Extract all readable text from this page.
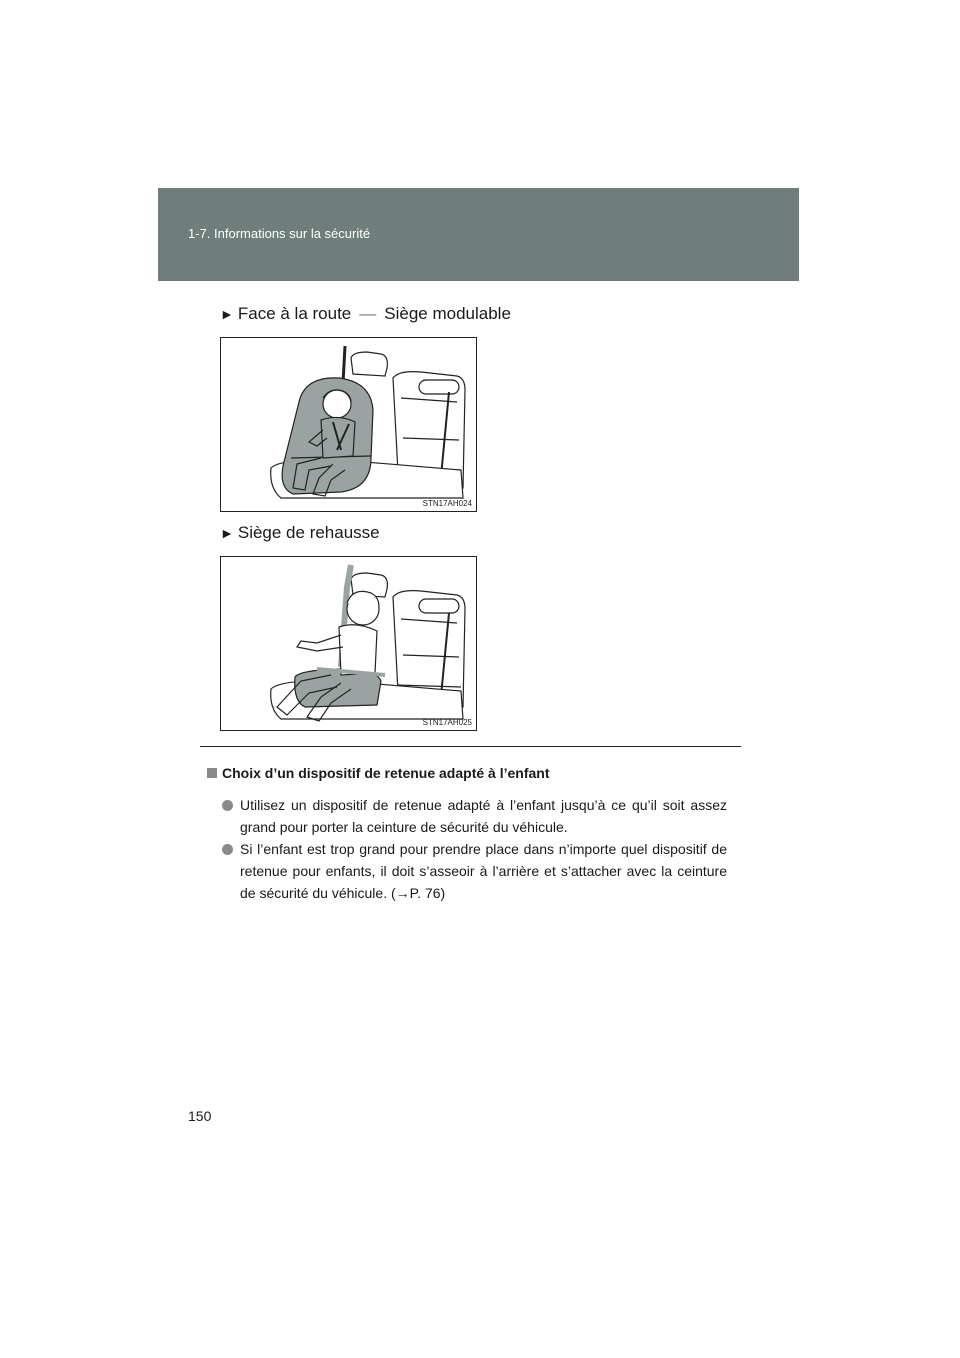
1-7. Informations sur la sécurité
► Face à la route — Siège modulable
STN17AH024
► Siège de rehausse
STN17AH025
Choix d’un dispositif de retenue adapté à l’enfant
Utilisez un dispositif de retenue adapté à l’enfant jusqu’à ce qu’il soit assez grand pour porter la ceinture de sécurité du véhicule.
Si l’enfant est trop grand pour prendre place dans n’importe quel dispositif de retenue pour enfants, il doit s’asseoir à l’arrière et s’attacher avec la ceinture de sécurité du véhicule. (→P. 76)
150
